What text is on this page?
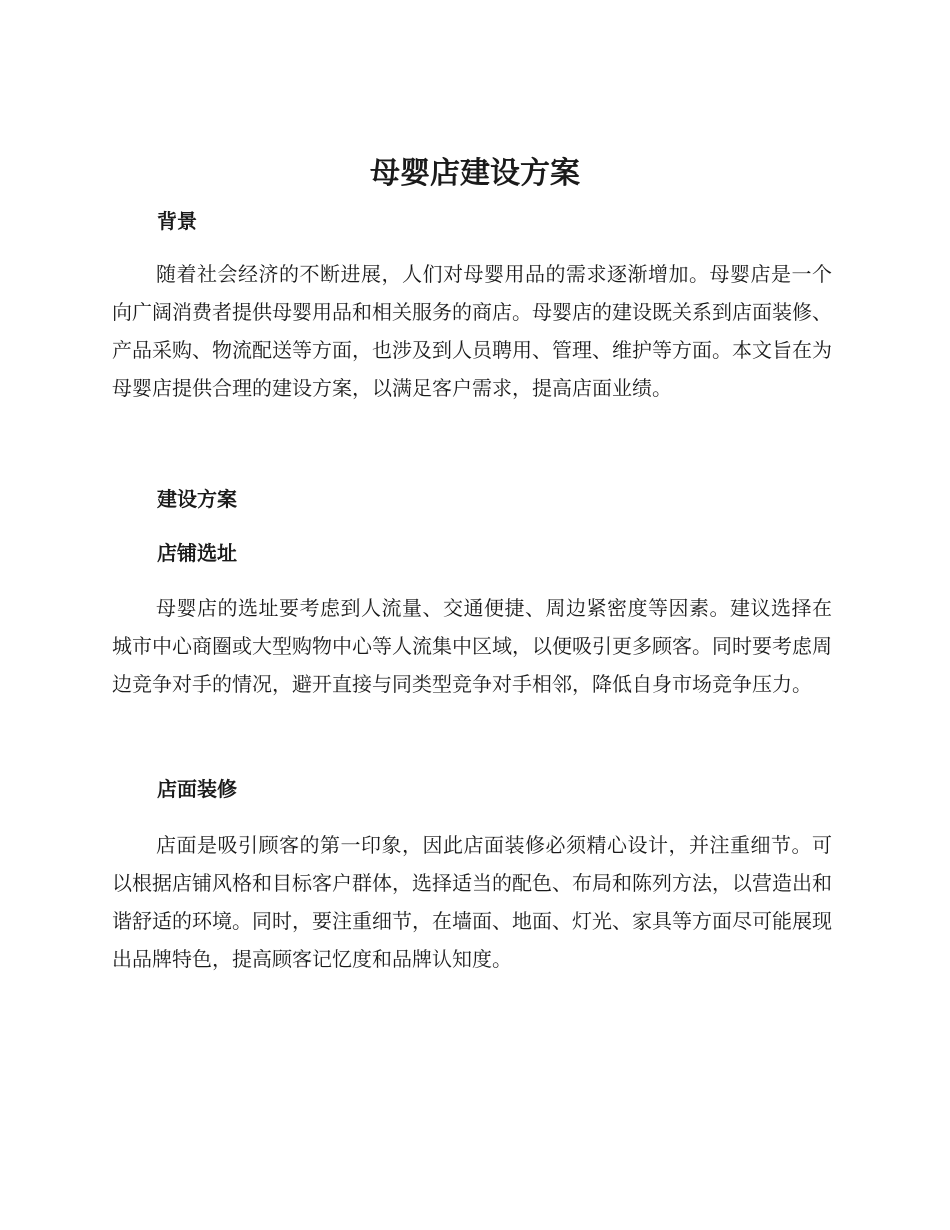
母婴店建设方案
背景

随着社会经济的不断进展，人们对母婴用品的需求逐渐增加。母婴店是一个向广阔消费者提供母婴用品和相关服务的商店。母婴店的建设既关系到店面装修、产品采购、物流配送等方面，也涉及到人员聘用、管理、维护等方面。本文旨在为母婴店提供合理的建设方案，以满足客户需求，提高店面业绩。

建设方案
店铺选址

母婴店的选址要考虑到人流量、交通便捷、周边紧密度等因素。建议选择在城市中心商圈或大型购物中心等人流集中区域，以便吸引更多顾客。同时要考虑周边竞争对手的情况，避开直接与同类型竞争对手相邻，降低自身市场竞争压力。

店面装修

店面是吸引顾客的第一印象，因此店面装修必须精心设计，并注重细节。可以根据店铺风格和目标客户群体，选择适当的配色、布局和陈列方法，以营造出和谐舒适的环境。同时，要注重细节，在墙面、地面、灯光、家具等方面尽可能展现出品牌特色，提高顾客记忆度和品牌认知度。
